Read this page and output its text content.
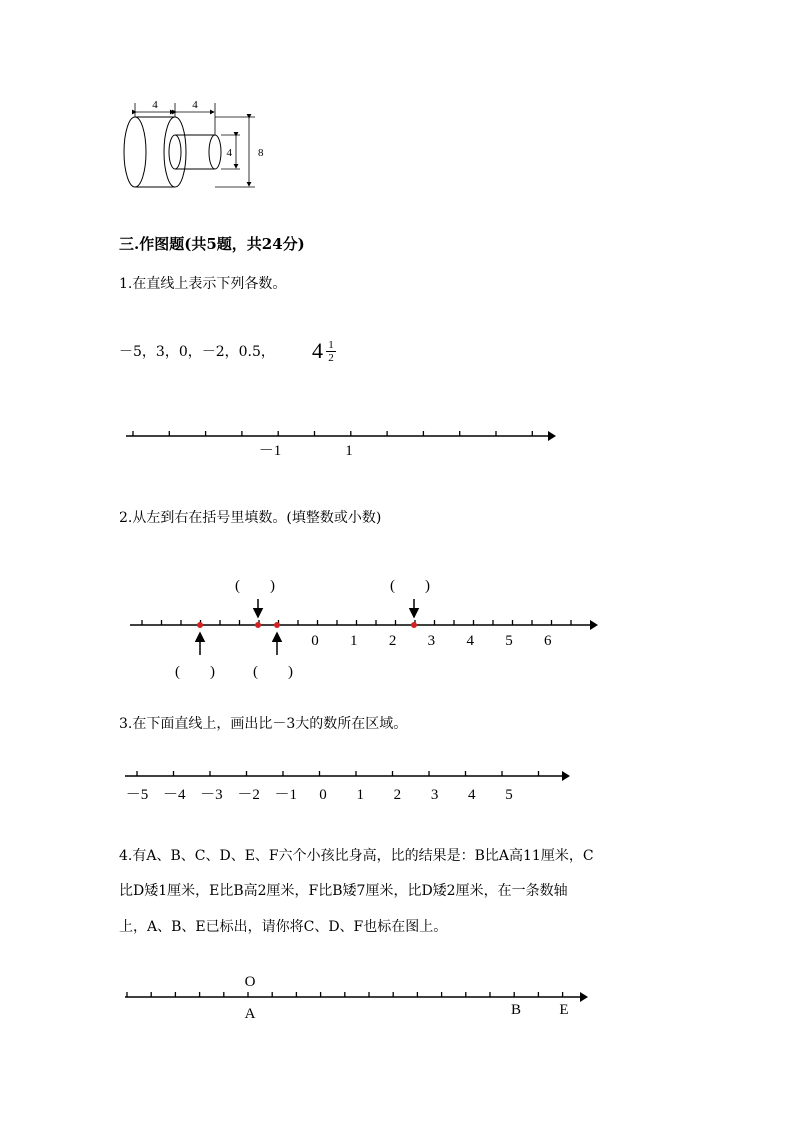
4	4
4 8
三.作图题(共5题，共24分)
1.在直线上表示下列各数。
－5，3，0，－2，0.5， $4 \frac{1}{2}$
－1	1
2.从左到右在括号里填数。(填整数或小数)
(　　)	(　　)
(　　)	(　　)
0 1 2 3 4 5 6
3.在下面直线上，画出比－3大的数所在区域。
－5 －4 －3 －2 －1 0 1 2 3 4 5
4.有A、B、C、D、E、F六个小孩比身高，比的结果是：B比A高11厘米，C
比D矮1厘米，E比B高2厘米，F比B矮7厘米，比D矮2厘米，在一条数轴
上，A、B、E已标出，请你将C、D、F也标在图上。
O
A	B	E
